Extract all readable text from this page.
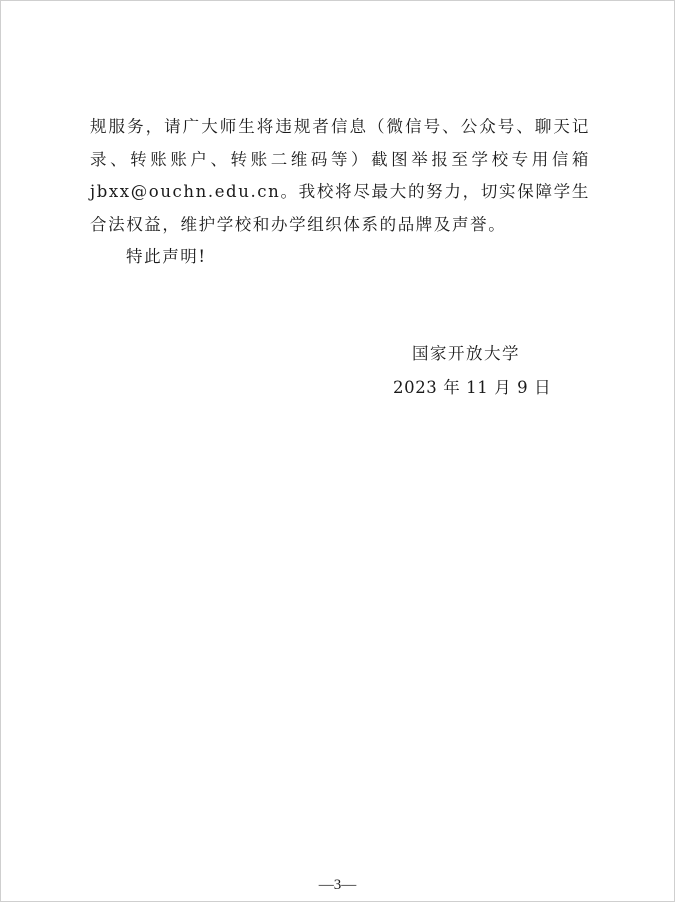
规服务，请广大师生将违规者信息（微信号、公众号、聊天记录、转账账户、转账二维码等）截图举报至学校专用信箱jbxx@ouchn.edu.cn。我校将尽最大的努力，切实保障学生合法权益，维护学校和办学组织体系的品牌及声誉。

特此声明!

国家开放大学
2023 年 11 月 9 日
—3—
